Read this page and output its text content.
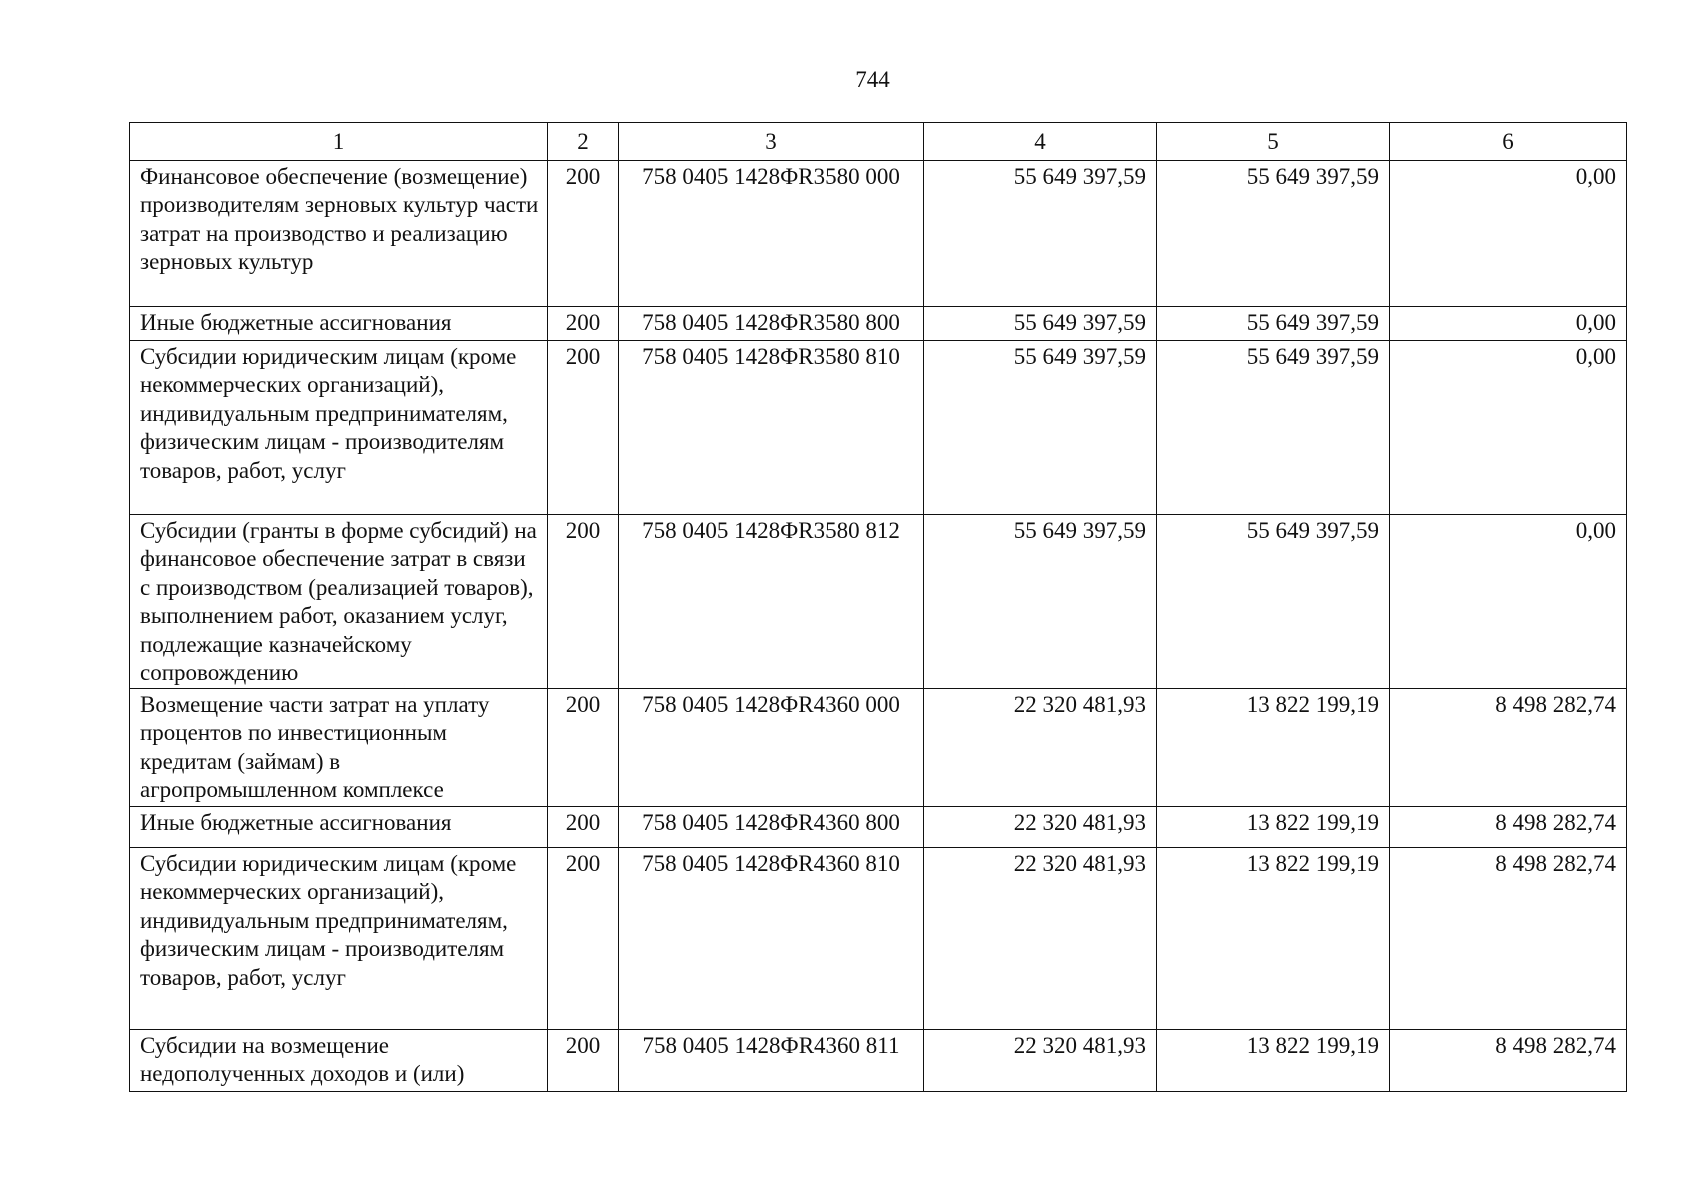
744
1	2	3	4	5	6
Финансовое обеспечение (возмещение) производителям зерновых культур части затрат на производство и реализацию зерновых культур	200	758 0405 1428ФR3580 000	55 649 397,59	55 649 397,59	0,00
Иные бюджетные ассигнования	200	758 0405 1428ФR3580 800	55 649 397,59	55 649 397,59	0,00
Субсидии юридическим лицам (кроме некоммерческих организаций), индивидуальным предпринимателям, физическим лицам - производителям товаров, работ, услуг	200	758 0405 1428ФR3580 810	55 649 397,59	55 649 397,59	0,00
Субсидии (гранты в форме субсидий) на финансовое обеспечение затрат в связи с производством (реализацией товаров), выполнением работ, оказанием услуг, подлежащие казначейскому сопровождению	200	758 0405 1428ФR3580 812	55 649 397,59	55 649 397,59	0,00
Возмещение части затрат на уплату процентов по инвестиционным кредитам (займам) в агропромышленном комплексе	200	758 0405 1428ФR4360 000	22 320 481,93	13 822 199,19	8 498 282,74
Иные бюджетные ассигнования	200	758 0405 1428ФR4360 800	22 320 481,93	13 822 199,19	8 498 282,74
Субсидии юридическим лицам (кроме некоммерческих организаций), индивидуальным предпринимателям, физическим лицам - производителям товаров, работ, услуг	200	758 0405 1428ФR4360 810	22 320 481,93	13 822 199,19	8 498 282,74
Субсидии на возмещение недополученных доходов и (или)	200	758 0405 1428ФR4360 811	22 320 481,93	13 822 199,19	8 498 282,74
